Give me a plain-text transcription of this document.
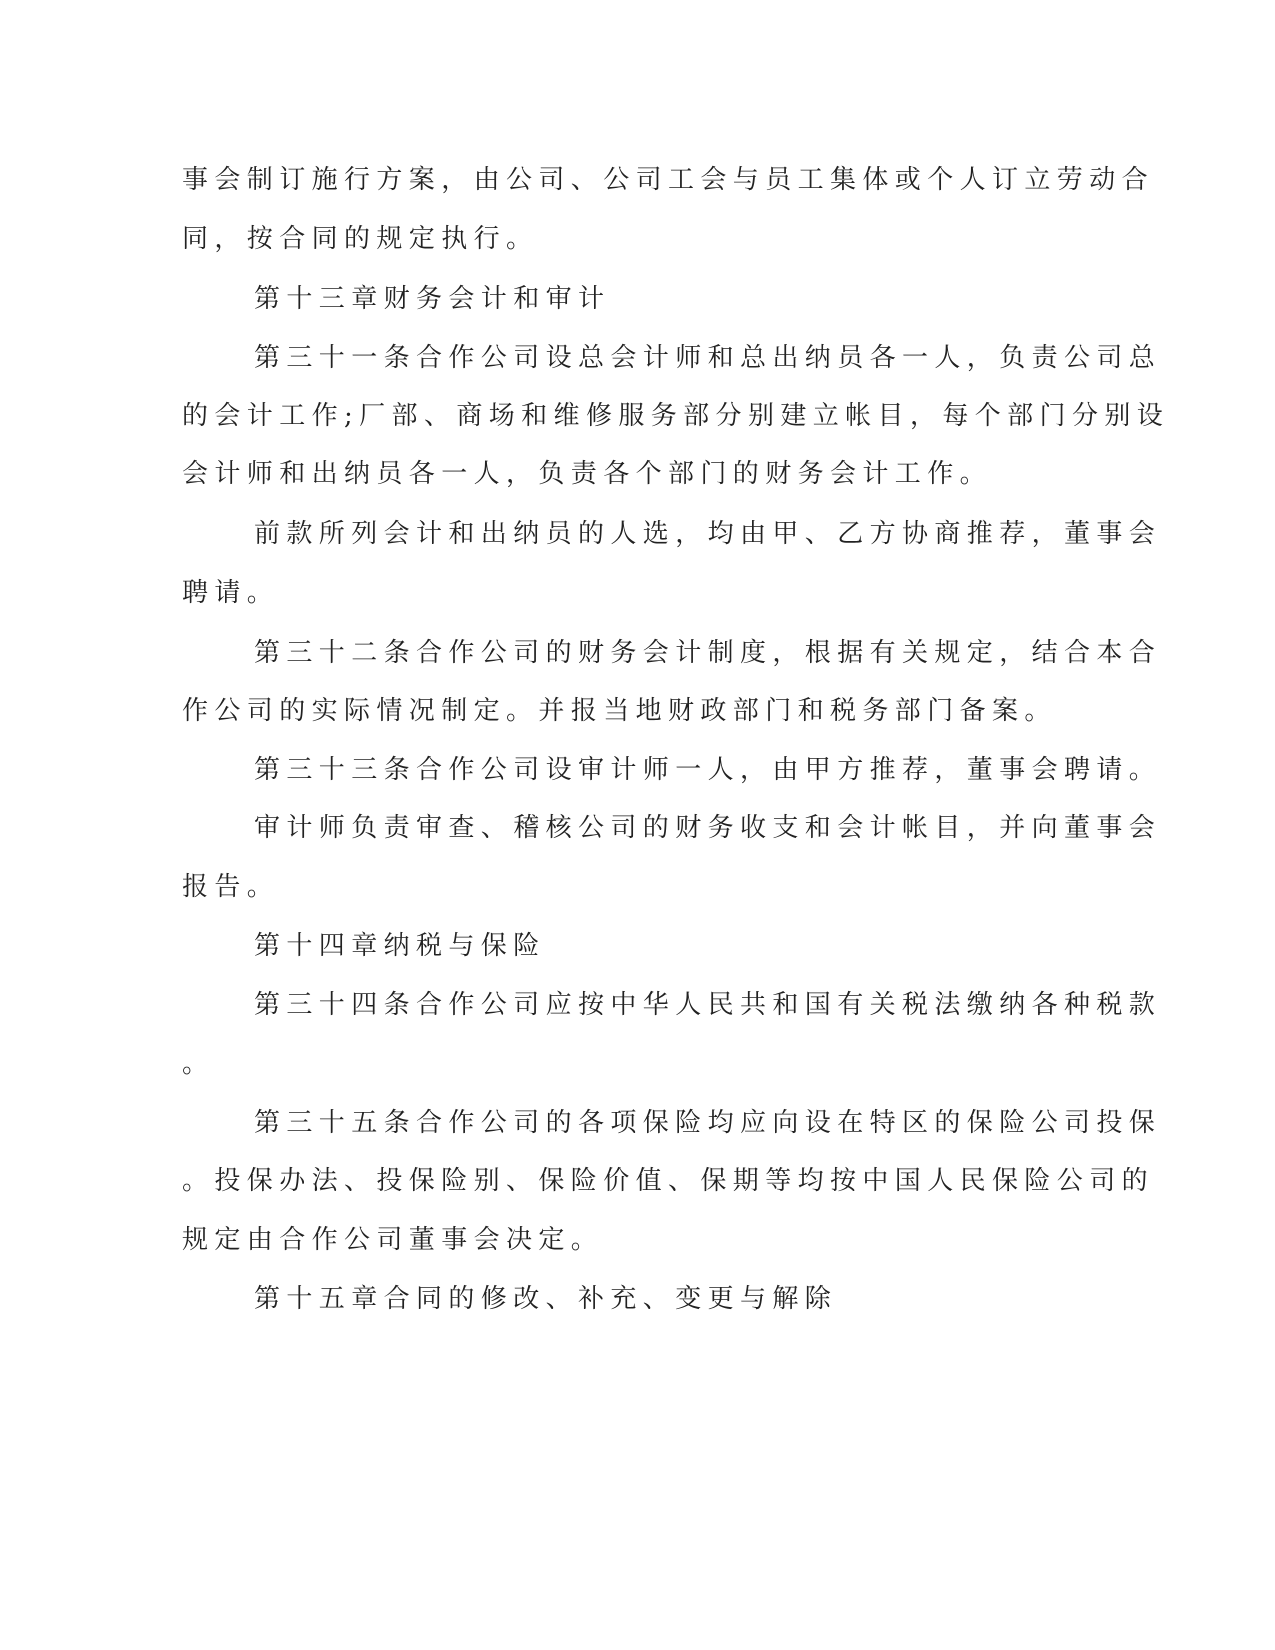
事会制订施行方案，由公司、公司工会与员工集体或个人订立劳动合

同，按合同的规定执行。

第十三章财务会计和审计

第三十一条合作公司设总会计师和总出纳员各一人，负责公司总

的会计工作;厂部、商场和维修服务部分别建立帐目，每个部门分别设

会计师和出纳员各一人，负责各个部门的财务会计工作。

前款所列会计和出纳员的人选，均由甲、乙方协商推荐，董事会

聘请。

第三十二条合作公司的财务会计制度，根据有关规定，结合本合

作公司的实际情况制定。并报当地财政部门和税务部门备案。

第三十三条合作公司设审计师一人，由甲方推荐，董事会聘请。

审计师负责审查、稽核公司的财务收支和会计帐目，并向董事会

报告。

第十四章纳税与保险

第三十四条合作公司应按中华人民共和国有关税法缴纳各种税款

。

第三十五条合作公司的各项保险均应向设在特区的保险公司投保

。投保办法、投保险别、保险价值、保期等均按中国人民保险公司的

规定由合作公司董事会决定。

第十五章合同的修改、补充、变更与解除
